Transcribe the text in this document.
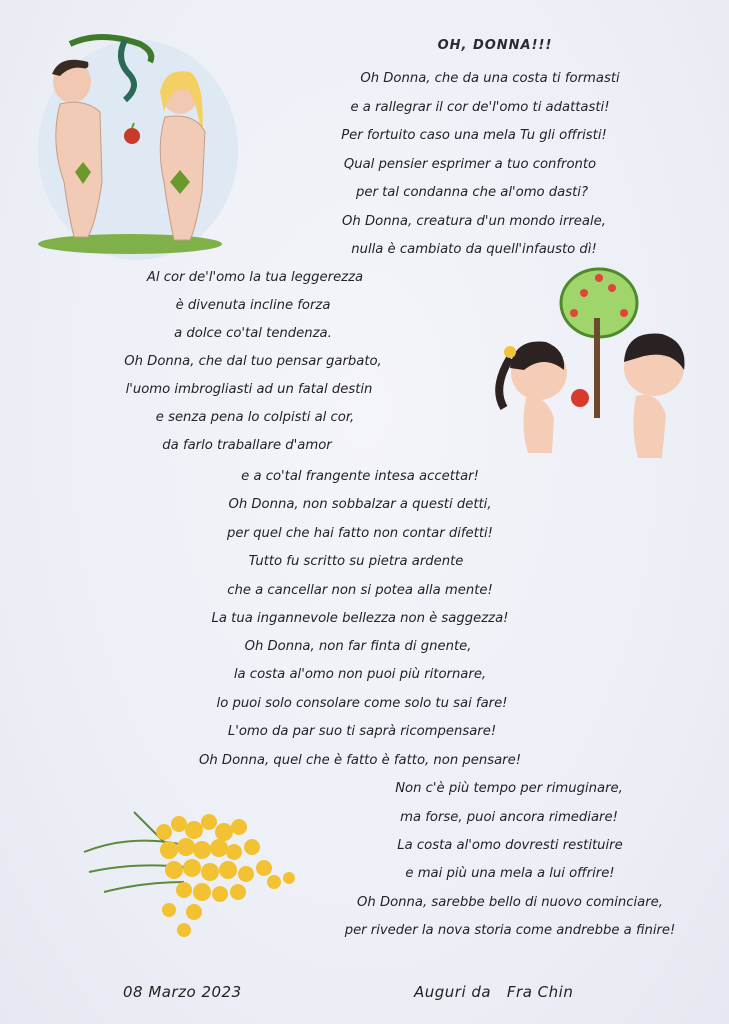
OH, DONNA!!!
Oh Donna, che da una costa ti formasti
e a rallegrar il cor de'l'omo ti adattasti!
Per fortuito caso una mela Tu gli offristi!
Qual pensier esprimer a tuo confronto
per tal condanna che al'omo dasti?
Oh Donna, creatura d'un mondo irreale,
nulla è cambiato da quell'infausto dì!
Al cor de'l'omo la tua leggerezza
è divenuta incline forza
a dolce co'tal tendenza.
Oh Donna, che dal tuo pensar garbato,
l'uomo imbrogliasti ad un fatal destin
e senza pena lo colpisti al cor,
da farlo traballare d'amor
e a co'tal frangente intesa accettar!
Oh Donna, non sobbalzar a questi detti,
per quel che hai fatto non contar difetti!
Tutto fu scritto su pietra ardente
che a cancellar non si potea alla mente!
La tua ingannevole bellezza non è saggezza!
Oh Donna, non far finta di gnente,
la costa al'omo non puoi più ritornare,
lo puoi solo consolare come solo tu sai fare!
L'omo da par suo ti saprà ricompensare!
Oh Donna, quel che è fatto è fatto, non pensare!
Non c'è più tempo per rimuginare,
ma forse, puoi ancora rimediare!
La costa al'omo dovresti restituire
e mai più una mela a lui offrire!
Oh Donna, sarebbe bello di nuovo cominciare,
per riveder la nova storia come andrebbe a finire!
08 Marzo 2023	Auguri da   Fra Chin
